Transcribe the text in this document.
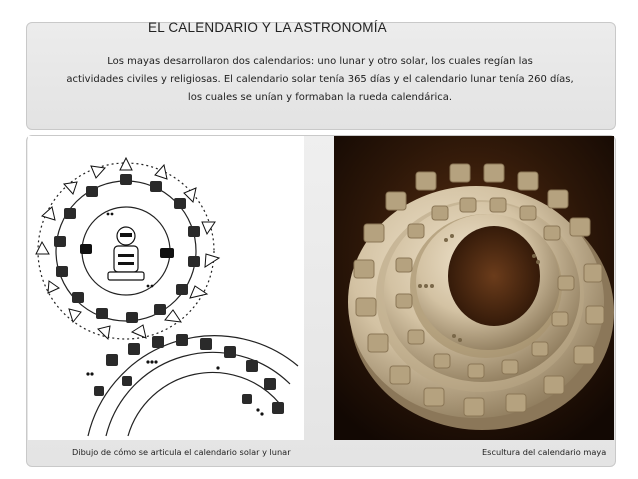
EL CALENDARIO Y LA ASTRONOMÍA
Los mayas desarrollaron dos calendarios: uno lunar y otro solar, los cuales regían las
actividades civiles y religiosas. El calendario solar tenía 365 días y el calendario lunar tenía 260 días,
los cuales se unían y formaban la rueda calendárica.
Dibujo de cómo se articula el calendario solar y lunar	Escultura del calendario maya
